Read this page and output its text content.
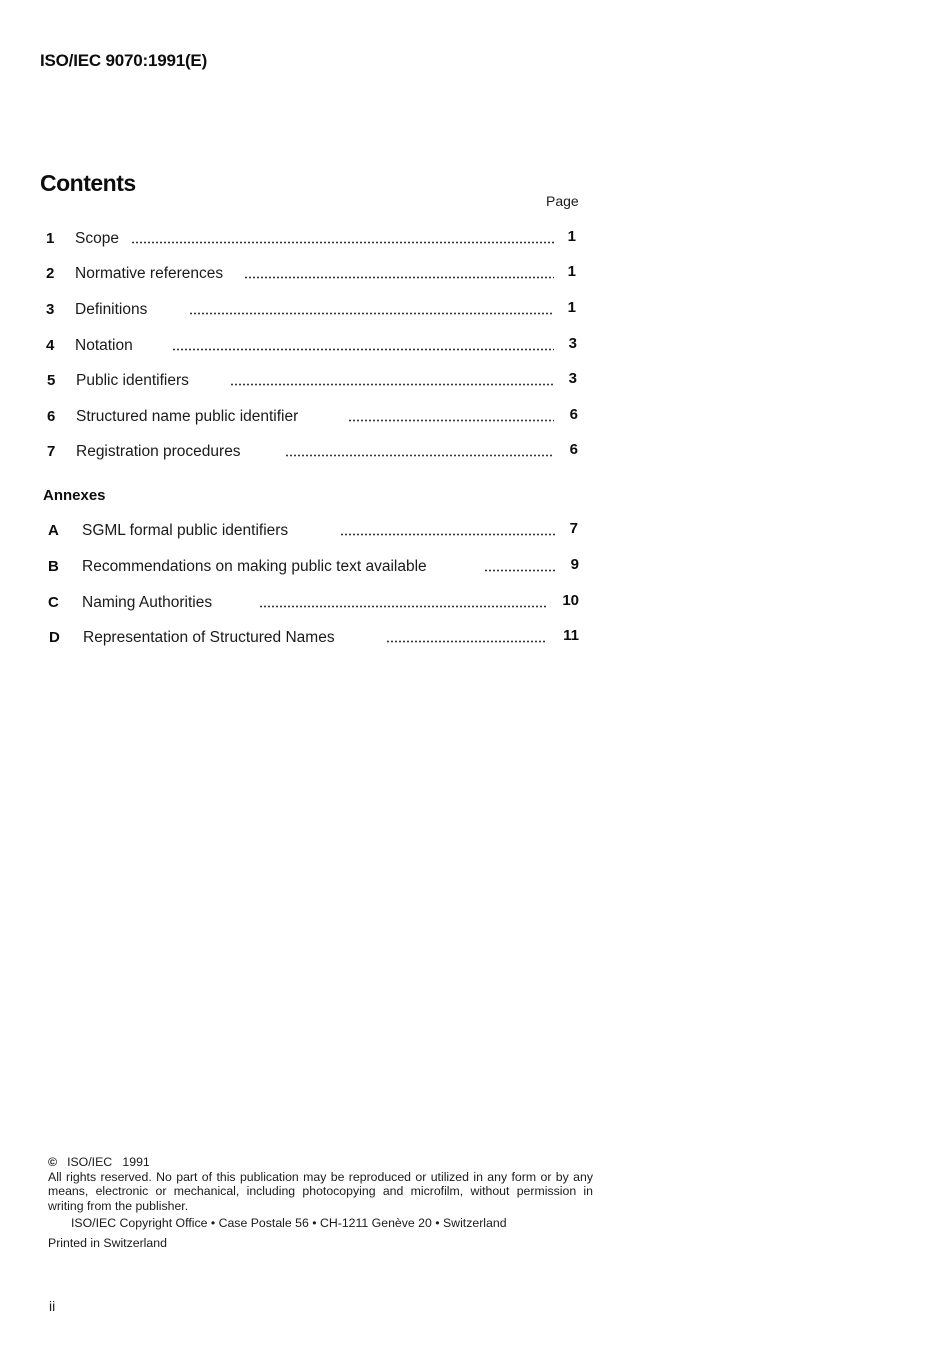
ISO/IEC 9070:1991(E)
Contents
Page
1 Scope	1
2 Normative references	1
3 Definitions	1
4 Notation	3
5 Public identifiers	3
6 Structured name public identifier	6
7 Registration procedures	6
Annexes
A SGML formal public identifiers	7
B Recommendations on making public text available	9
C Naming Authorities	10
D Representation of Structured Names	11
© ISO/IEC   1991
All rights reserved. No part of this publication may be reproduced or utilized in any form or by any means, electronic or mechanical, including photocopying and microfilm, without permission in writing from the publisher.
ISO/IEC Copyright Office • Case Postale 56 • CH-1211 Genève 20 • Switzerland
Printed in Switzerland
ii
